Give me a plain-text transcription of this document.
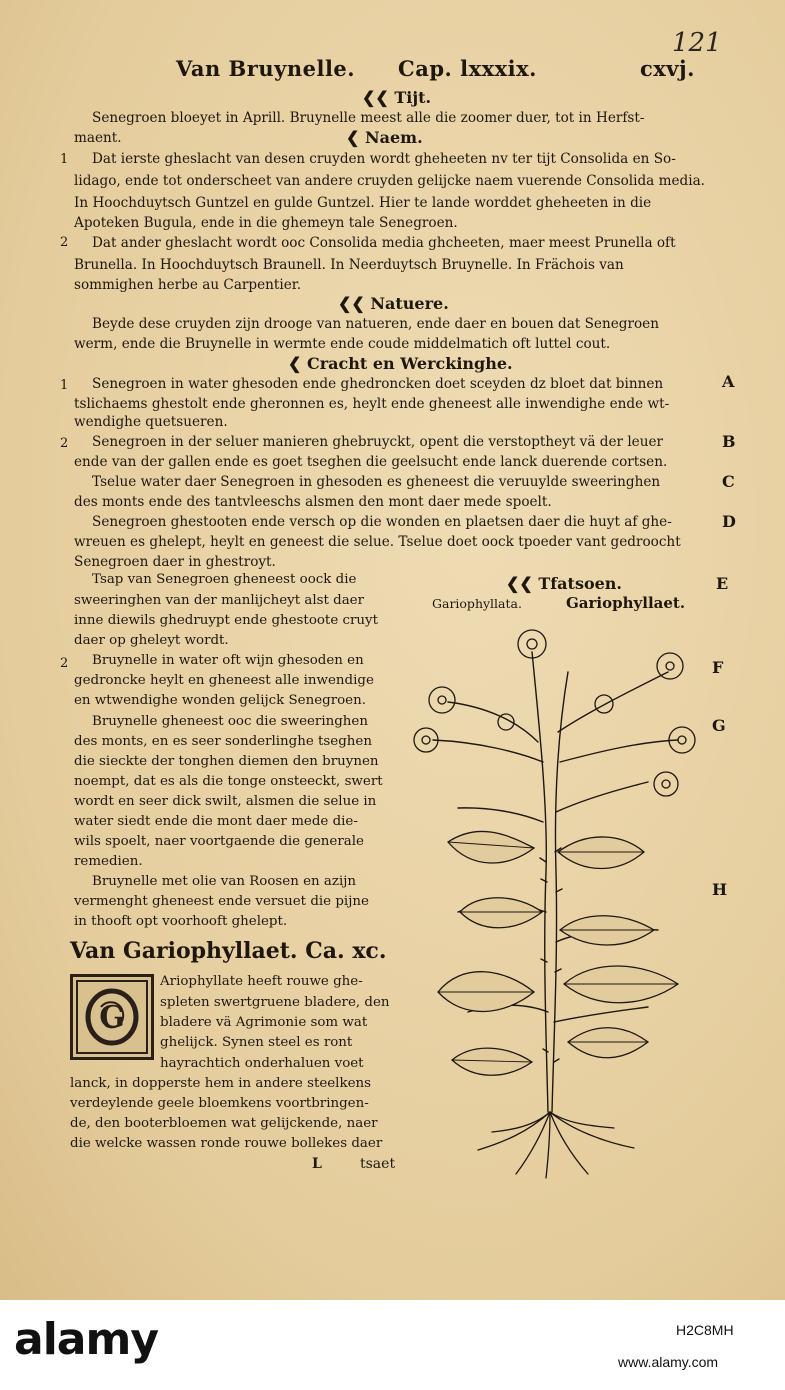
Van Bruynelle. Cap. lxxxix.	cxvj.
121
❮❮ Tijt.
Senegroen bloeyet in Aprill. Bruynelle meest alle die zoomer duer, tot in Herfst-
maent.	❮ Naem.
1 Dat ierste gheslacht van desen cruyden wordt gheheeten nv ter tijt Consolida en So-
lidago, ende tot onderscheet van andere cruyden gelijcke naem vuerende Consolida media.
In Hoochduytsch Guntzel en gulde Guntzel. Hier te lande worddet gheheeten in die
Apoteken Bugula, ende in die ghemeyn tale Senegroen.
2 Dat ander gheslacht wordt ooc Consolida media ghcheeten, maer meest Prunella oft
Brunella. In Hoochduytsch Braunell. In Neerduytsch Bruynelle. In Frächois van
sommighen herbe au Carpentier.
❮❮ Natuere.
Beyde dese cruyden zijn drooge van natueren, ende daer en bouen dat Senegroen
werm, ende die Bruynelle in wermte ende coude middelmatich oft luttel cout.
❮ Cracht en Werckinghe.
1 Senegroen in water ghesoden ende ghedroncken doet sceyden dz bloet dat binnen
tslichaems ghestolt ende gheronnen es, heylt ende gheneest alle inwendighe ende wt-
wendighe quetsueren.
2 Senegroen in der seluer manieren ghebruyckt, opent die verstoptheyt vä der leuer
ende van der gallen ende es goet tseghen die geelsucht ende lanck duerende cortsen.
Tselue water daer Senegroen in ghesoden es gheneest die veruuylde sweeringhen
des monts ende des tantvleeschs alsmen den mont daer mede spoelt.
Senegroen ghestooten ende versch op die wonden en plaetsen daer die huyt af ghe-
wreuen es ghelept, heylt en geneest die selue. Tselue doet oock tpoeder vant gedroocht
Senegroen daer in ghestroyt.
A
B
C
D
E
F
G
H
Tsap van Senegroen gheneest oock die
sweeringhen van der manlijcheyt alst daer
inne diewils ghedruypt ende ghestoote cruyt
daer op gheleyt wordt.
2 Bruynelle in water oft wijn ghesoden en
gedroncke heylt en gheneest alle inwendige
en wtwendighe wonden gelijck Senegroen.
Bruynelle gheneest ooc die sweeringhen
des monts, en es seer sonderlinghe tseghen
die sieckte der tonghen diemen den bruynen
noempt, dat es als die tonge onsteeckt, swert
wordt en seer dick swilt, alsmen die selue in
water siedt ende die mont daer mede die-
wils spoelt, naer voortgaende die generale
remedien.
Bruynelle met olie van Roosen en azijn
vermenght gheneest ende versuet die pijne
in thooft opt voorhooft ghelept.
❮❮ Tfatsoen.
Gariophyllata.	Gariophyllaet.
Van Gariophyllaet. Ca. xc.
G
Ariophyllate heeft rouwe ghe-
spleten swertgruene bladere, den
bladere vä Agrimonie som wat
ghelijck. Synen steel es ront
hayrachtich onderhaluen voet
lanck, in dopperste hem in andere steelkens
verdeylende geele bloemkens voortbringen-
de, den booterbloemen wat gelijckende, naer
die welcke wassen ronde rouwe bollekes daer
L	tsaet
alamy	H2C8MH
www.alamy.com
